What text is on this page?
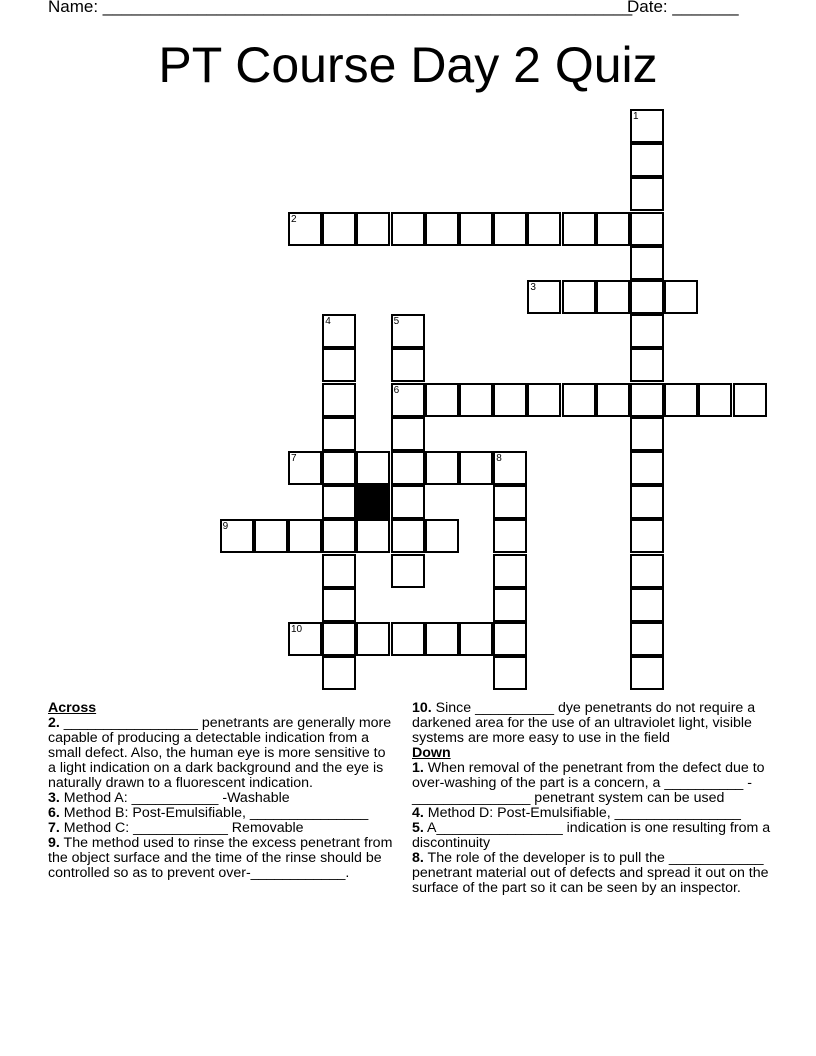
Name: ________________________________________________________
Date: _______
PT Course Day 2 Quiz
1
2
3
4	5
6
7	8
9
10
Across
2. _________________ penetrants are generally more capable of producing a detectable indication from a small defect. Also, the human eye is more sensitive to a light indication on a dark background and the eye is naturally drawn to a fluorescent indication.
3. Method A: ___________ -Washable
6. Method B: Post-Emulsifiable, _______________
7. Method C: ____________ Removable
9. The method used to rinse the excess penetrant from the object surface and the time of the rinse should be controlled so as to prevent over-____________.
10. Since __________ dye penetrants do not require a darkened area for the use of an ultraviolet light, visible systems are more easy to use in the field
Down
1. When removal of the penetrant from the defect due to over-washing of the part is a concern, a __________ - _______________ penetrant system can be used
4. Method D: Post-Emulsifiable, ________________
5. A________________ indication is one resulting from a discontinuity
8. The role of the developer is to pull the ____________ penetrant material out of defects and spread it out on the surface of the part so it can be seen by an inspector.
